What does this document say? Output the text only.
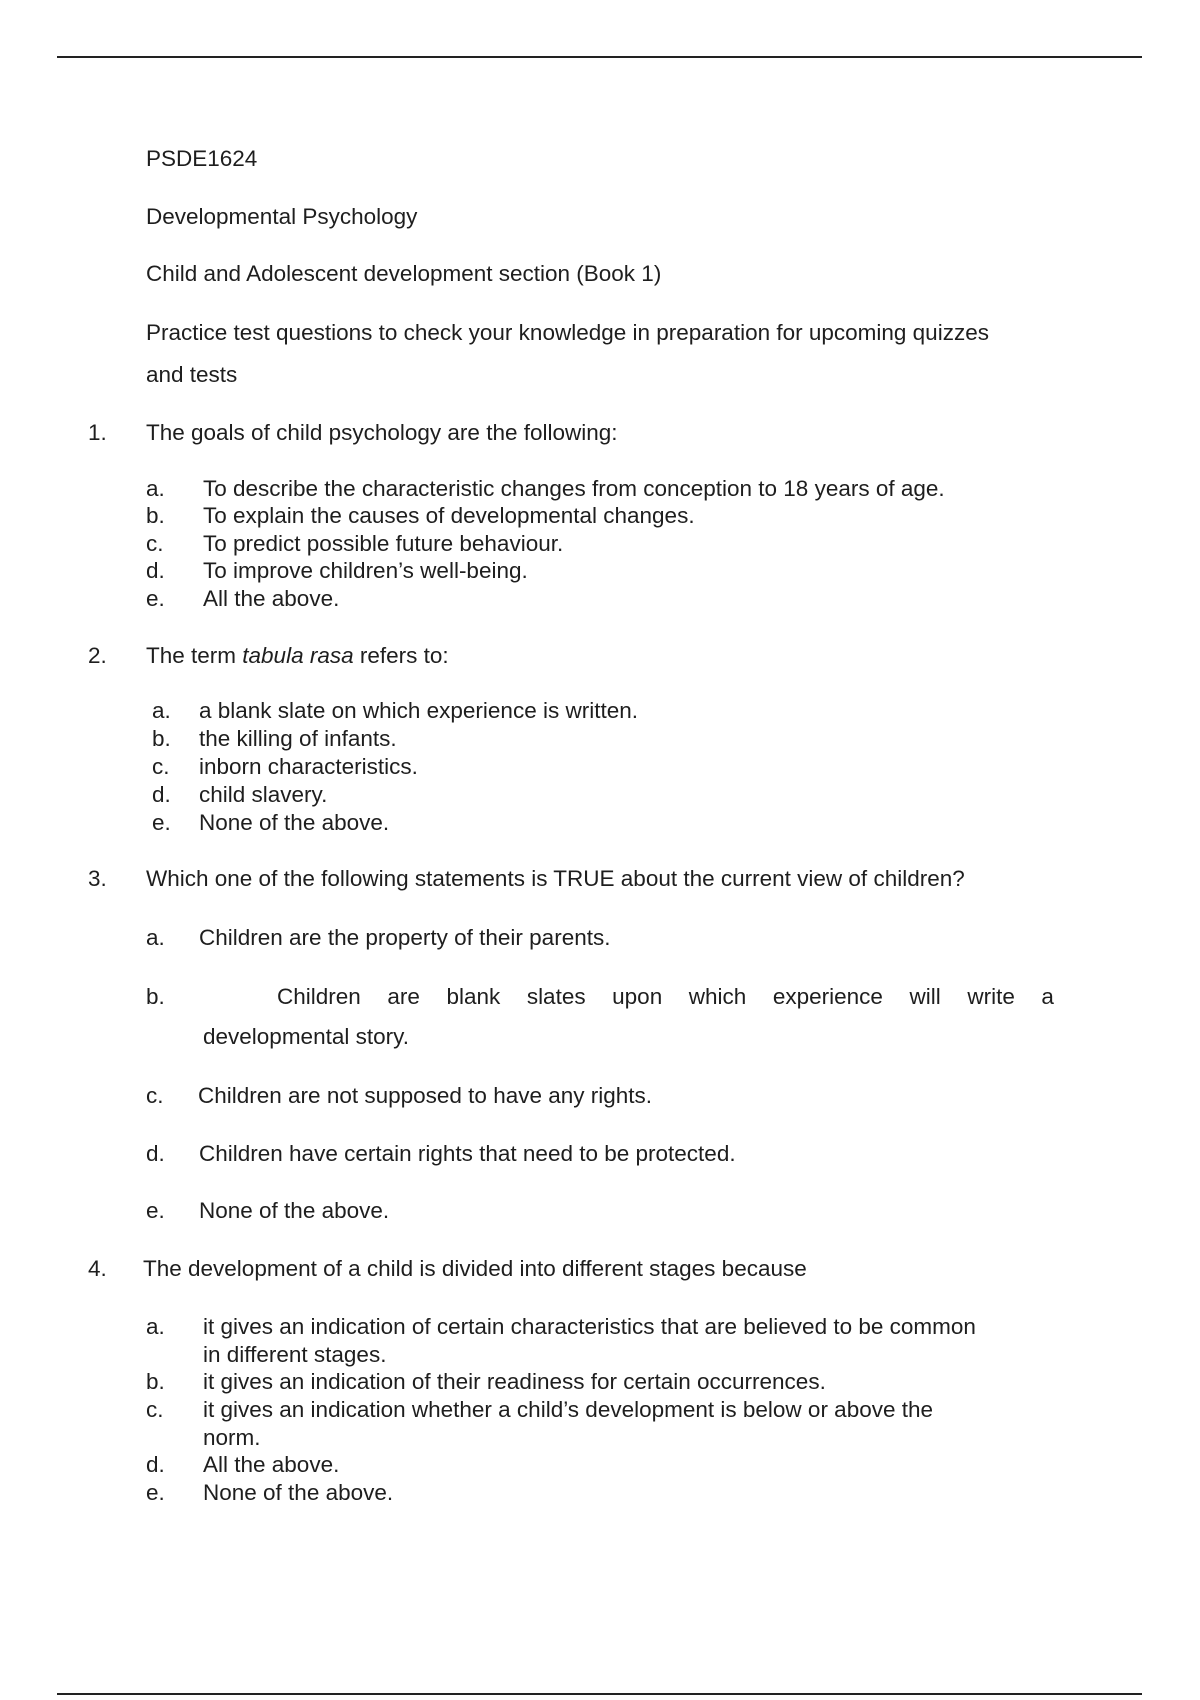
PSDE1624
Developmental Psychology
Child and Adolescent development section (Book 1)
Practice test questions to check your knowledge in preparation for upcoming quizzes
and tests
1. The goals of child psychology are the following:
a. To describe the characteristic changes from conception to 18 years of age.
b. To explain the causes of developmental changes.
c. To predict possible future behaviour.
d. To improve children’s well-being.
e. All the above.
2. The term tabula rasa refers to:
a. a blank slate on which experience is written.
b. the killing of infants.
c. inborn characteristics.
d. child slavery.
e. None of the above.
3. Which one of the following statements is TRUE about the current view of children?
a. Children are the property of their parents.
b.	Children are blank slates upon which experience will write a
developmental story.
c. Children are not supposed to have any rights.
d. Children have certain rights that need to be protected.
e. None of the above.
4. The development of a child is divided into different stages because
a. it gives an indication of certain characteristics that are believed to be common
in different stages.
b. it gives an indication of their readiness for certain occurrences.
c. it gives an indication whether a child’s development is below or above the
norm.
d. All the above.
e. None of the above.
